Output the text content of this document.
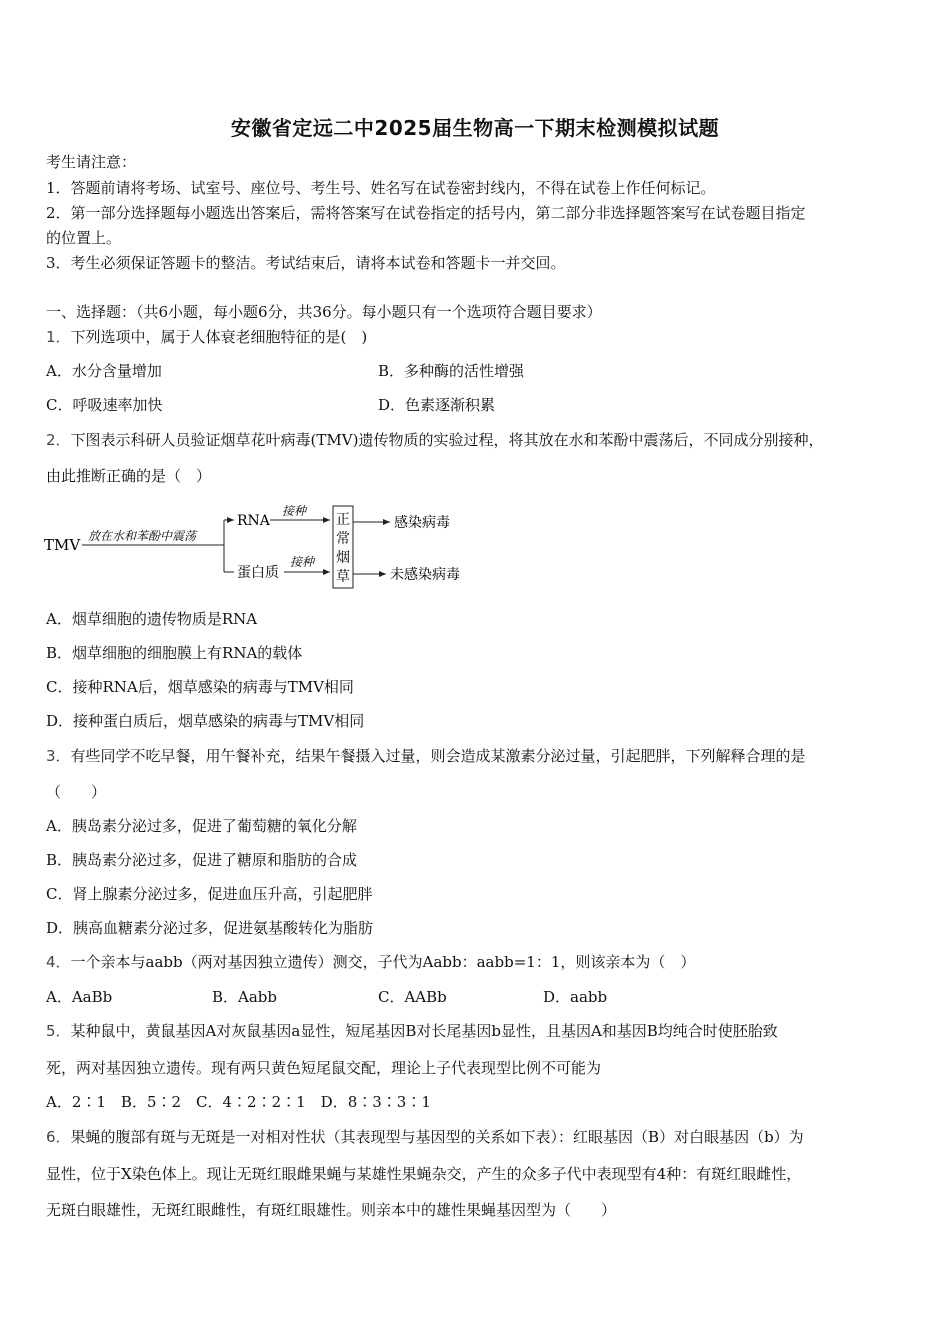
安徽省定远二中2025届生物高一下期末检测模拟试题
考生请注意：
1．答题前请将考场、试室号、座位号、考生号、姓名写在试卷密封线内，不得在试卷上作任何标记。
2．第一部分选择题每小题选出答案后，需将答案写在试卷指定的括号内，第二部分非选择题答案写在试卷题目指定
的位置上。
3．考生必须保证答题卡的整洁。考试结束后，请将本试卷和答题卡一并交回。
一、选择题：（共6小题，每小题6分，共36分。每小题只有一个选项符合题目要求）
1．下列选项中，属于人体衰老细胞特征的是(　)
A．水分含量增加	B．多种酶的活性增强
C．呼吸速率加快	D．色素逐渐积累
2．下图表示科研人员验证烟草花叶病毒(TMV)遗传物质的实验过程，将其放在水和苯酚中震荡后，不同成分别接种，
由此推断正确的是（　）
TMV 放在水和苯酚中震荡
RNA
蛋白质
接种
接种
正
常
烟
草
感染病毒
未感染病毒
A．烟草细胞的遗传物质是RNA
B．烟草细胞的细胞膜上有RNA的载体
C．接种RNA后，烟草感染的病毒与TMV相同
D．接种蛋白质后，烟草感染的病毒与TMV相同
3．有些同学不吃早餐，用午餐补充，结果午餐摄入过量，则会造成某激素分泌过量，引起肥胖，下列解释合理的是
（　　）
A．胰岛素分泌过多，促进了葡萄糖的氧化分解
B．胰岛素分泌过多，促进了糖原和脂肪的合成
C．肾上腺素分泌过多，促进血压升高，引起肥胖
D．胰高血糖素分泌过多，促进氨基酸转化为脂肪
4．一个亲本与aabb（两对基因独立遗传）测交，子代为Aabb：aabb=1：1，则该亲本为（　）
A．AaBb	B．Aabb	C．AABb	D．aabb
5．某种鼠中，黄鼠基因A对灰鼠基因a显性，短尾基因B对长尾基因b显性，且基因A和基因B均纯合时使胚胎致
死，两对基因独立遗传。现有两只黄色短尾鼠交配，理论上子代表现型比例不可能为
A．2∶1　B．5∶2　C．4∶2∶2∶1　D．8∶3∶3∶1
6．果蝇的腹部有斑与无斑是一对相对性状（其表现型与基因型的关系如下表）：红眼基因（B）对白眼基因（b）为
显性，位于X染色体上。现让无斑红眼雌果蝇与某雄性果蝇杂交，产生的众多子代中表现型有4种：有斑红眼雌性，
无斑白眼雄性，无斑红眼雌性，有斑红眼雄性。则亲本中的雄性果蝇基因型为（　　）
